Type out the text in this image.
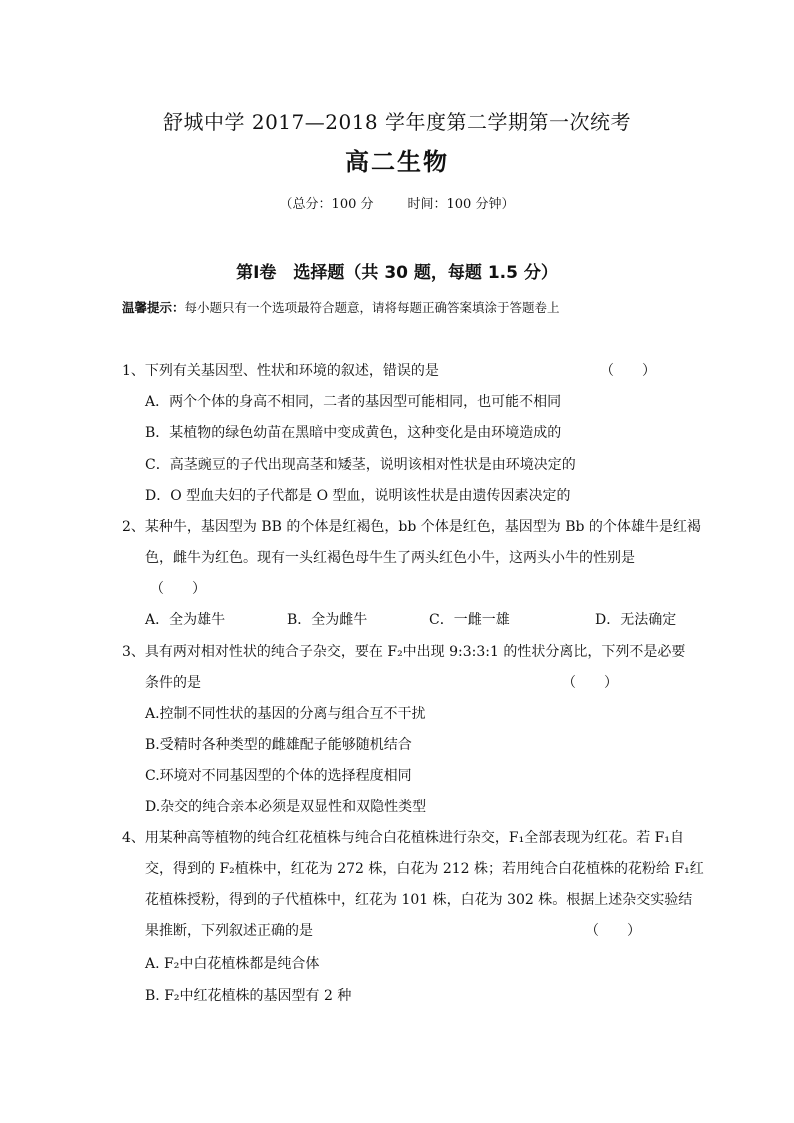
舒城中学 2017—2018 学年度第二学期第一次统考
高二生物
（总分：100 分	时间：100 分钟）
第Ⅰ卷　选择题（共 30 题，每题 1.5 分）
温馨提示：每小题只有一个选项最符合题意，请将每题正确答案填涂于答题卷上
1、下列有关基因型、性状和环境的叙述，错误的是	（　　）
A．两个个体的身高不相同，二者的基因型可能相同，也可能不相同
B．某植物的绿色幼苗在黑暗中变成黄色，这种变化是由环境造成的
C．高茎豌豆的子代出现高茎和矮茎，说明该相对性状是由环境决定的
D．O 型血夫妇的子代都是 O 型血，说明该性状是由遗传因素决定的
2、某种牛，基因型为 BB 的个体是红褐色，bb 个体是红色，基因型为 Bb 的个体雄牛是红褐
色，雌牛为红色。现有一头红褐色母牛生了两头红色小牛，这两头小牛的性别是
（　　）
A．全为雄牛	B．全为雌牛	C．一雌一雄	D．无法确定
3、具有两对相对性状的纯合子杂交，要在 F₂中出现 9:3:3:1 的性状分离比，下列不是必要
条件的是	（　　）
A.控制不同性状的基因的分离与组合互不干扰
B.受精时各种类型的雌雄配子能够随机结合
C.环境对不同基因型的个体的选择程度相同
D.杂交的纯合亲本必须是双显性和双隐性类型
4、用某种高等植物的纯合红花植株与纯合白花植株进行杂交，F₁全部表现为红花。若 F₁自
交，得到的 F₂植株中，红花为 272 株，白花为 212 株；若用纯合白花植株的花粉给 F₁红
花植株授粉，得到的子代植株中，红花为 101 株，白花为 302 株。根据上述杂交实验结
果推断，下列叙述正确的是	（　　）
A. F₂中白花植株都是纯合体
B. F₂中红花植株的基因型有 2 种
